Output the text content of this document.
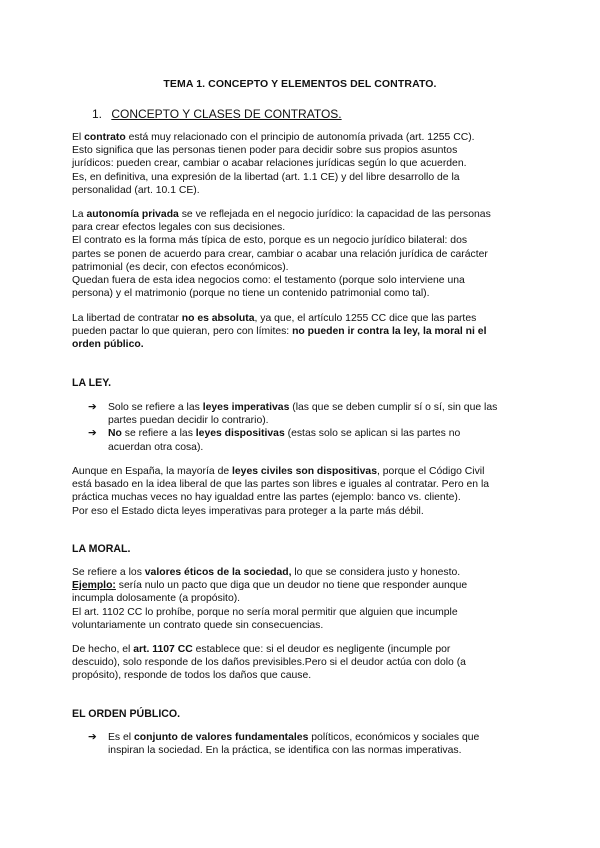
TEMA 1. CONCEPTO Y ELEMENTOS DEL CONTRATO.
1. CONCEPTO Y CLASES DE CONTRATOS.

El contrato está muy relacionado con el principio de autonomía privada (art. 1255 CC).

Esto significa que las personas tienen poder para decidir sobre sus propios asuntos

jurídicos: pueden crear, cambiar o acabar relaciones jurídicas según lo que acuerden.

Es, en definitiva, una expresión de la libertad (art. 1.1 CE) y del libre desarrollo de la

personalidad (art. 10.1 CE).

La autonomía privada se ve reflejada en el negocio jurídico: la capacidad de las personas

para crear efectos legales con sus decisiones.

El contrato es la forma más típica de esto, porque es un negocio jurídico bilateral: dos

partes se ponen de acuerdo para crear, cambiar o acabar una relación jurídica de carácter

patrimonial (es decir, con efectos económicos).

Quedan fuera de esta idea negocios como: el testamento (porque solo interviene una

persona) y el matrimonio (porque no tiene un contenido patrimonial como tal).

La libertad de contratar no es absoluta, ya que, el artículo 1255 CC dice que las partes

pueden pactar lo que quieran, pero con límites: no pueden ir contra la ley, la moral ni el

orden público.

LA LEY.
➔ Solo se refiere a las leyes imperativas (las que se deben cumplir sí o sí, sin que las
partes puedan decidir lo contrario).
➔ No se refiere a las leyes dispositivas (estas solo se aplican si las partes no
acuerdan otra cosa).

Aunque en España, la mayoría de leyes civiles son dispositivas, porque el Código Civil

está basado en la idea liberal de que las partes son libres e iguales al contratar. Pero en la

práctica muchas veces no hay igualdad entre las partes (ejemplo: banco vs. cliente).

Por eso el Estado dicta leyes imperativas para proteger a la parte más débil.

LA MORAL.

Se refiere a los valores éticos de la sociedad, lo que se considera justo y honesto.

Ejemplo: sería nulo un pacto que diga que un deudor no tiene que responder aunque

incumpla dolosamente (a propósito).

El art. 1102 CC lo prohíbe, porque no sería moral permitir que alguien que incumple

voluntariamente un contrato quede sin consecuencias.

De hecho, el art. 1107 CC establece que: si el deudor es negligente (incumple por

descuido), solo responde de los daños previsibles.Pero si el deudor actúa con dolo (a

propósito), responde de todos los daños que cause.

EL ORDEN PÚBLICO.
➔ Es el conjunto de valores fundamentales políticos, económicos y sociales que
inspiran la sociedad. En la práctica, se identifica con las normas imperativas.
